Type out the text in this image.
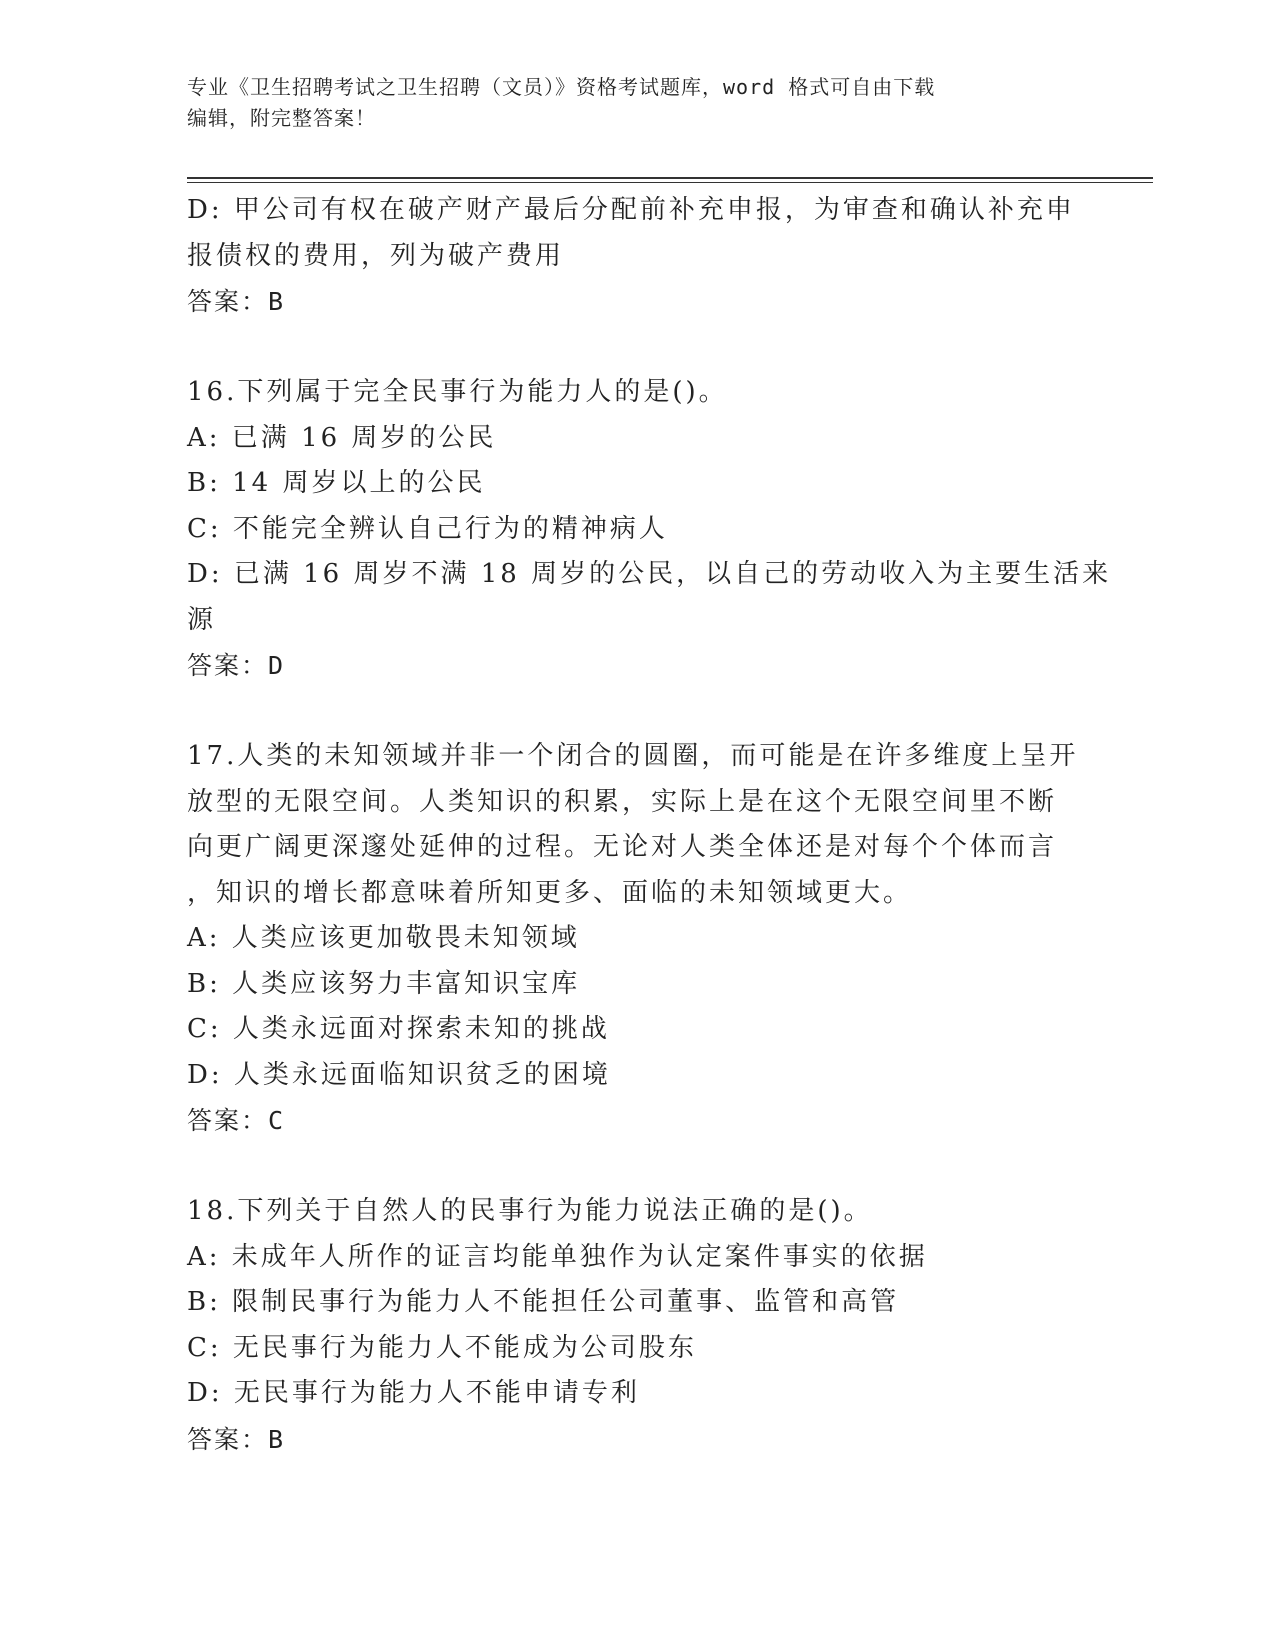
专业《卫生招聘考试之卫生招聘（文员）》资格考试题库，word 格式可自由下载
编辑，附完整答案！
D: 甲公司有权在破产财产最后分配前补充申报，为审查和确认补充申
报债权的费用，列为破产费用
答案：B
16.下列属于完全民事行为能力人的是()。
A: 已满 16 周岁的公民
B: 14 周岁以上的公民
C: 不能完全辨认自己行为的精神病人
D: 已满 16 周岁不满 18 周岁的公民，以自己的劳动收入为主要生活来
源
答案：D
17.人类的未知领域并非一个闭合的圆圈，而可能是在许多维度上呈开
放型的无限空间。人类知识的积累，实际上是在这个无限空间里不断
向更广阔更深邃处延伸的过程。无论对人类全体还是对每个个体而言
，知识的增长都意味着所知更多、面临的未知领域更大。
A: 人类应该更加敬畏未知领域
B: 人类应该努力丰富知识宝库
C: 人类永远面对探索未知的挑战
D: 人类永远面临知识贫乏的困境
答案：C
18.下列关于自然人的民事行为能力说法正确的是()。
A: 未成年人所作的证言均能单独作为认定案件事实的依据
B: 限制民事行为能力人不能担任公司董事、监管和高管
C: 无民事行为能力人不能成为公司股东
D: 无民事行为能力人不能申请专利
答案：B
